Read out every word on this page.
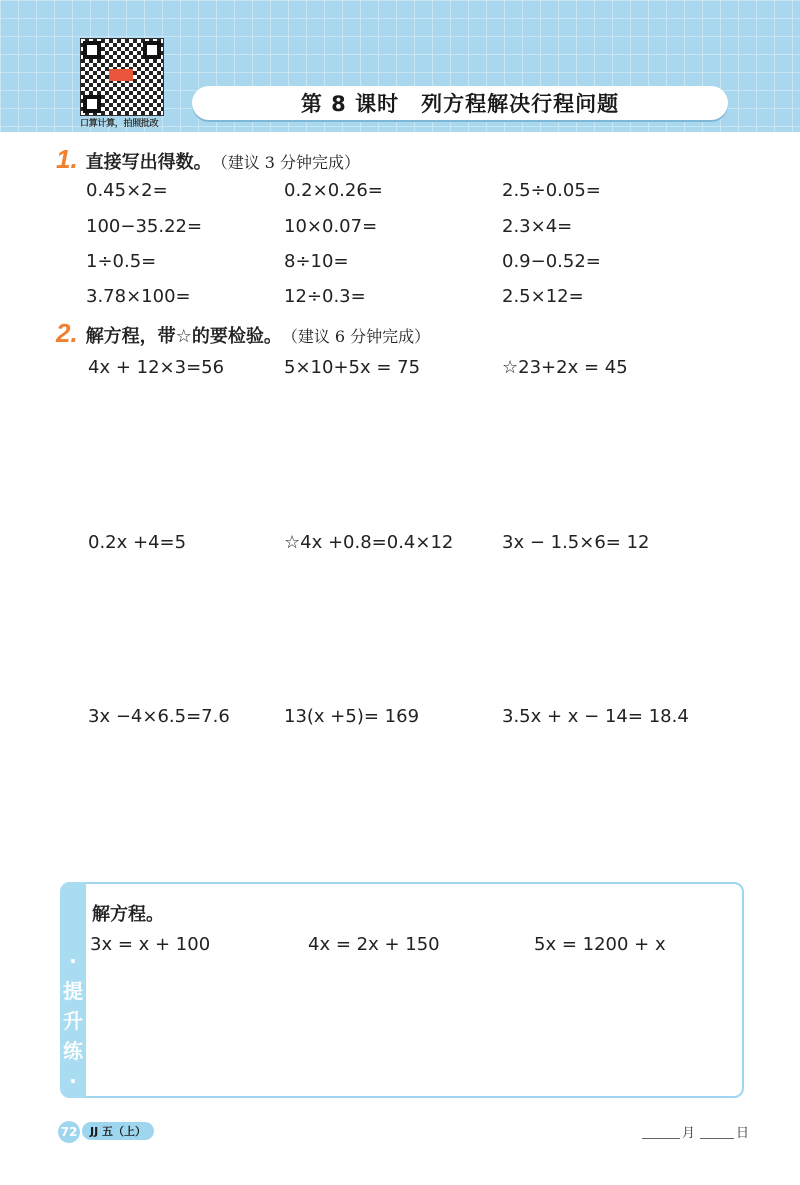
口算计算，拍照批改
第 8 课时 列方程解决行程问题
1. 直接写出得数。 （建议 3 分钟完成）
0.45×2=	0.2×0.26=	2.5÷0.05=
100−35.22=	10×0.07=	2.3×4=
1÷0.5=	8÷10=	0.9−0.52=
3.78×100=	12÷0.3=	2.5×12=
2. 解方程，带☆的要检验。 （建议 6 分钟完成）
4x + 12×3=56	5×10+5x = 75	☆23+2x = 45
0.2x +4=5	☆4x +0.8=0.4×12	3x − 1.5×6= 12
3x −4×6.5=7.6	13(x +5)= 169	3.5x + x − 14= 18.4
·
提
升
练
·
解方程。
3x = x + 100	4x = 2x + 150	5x = 1200 + x
72	JJ 五（上）	月	日
